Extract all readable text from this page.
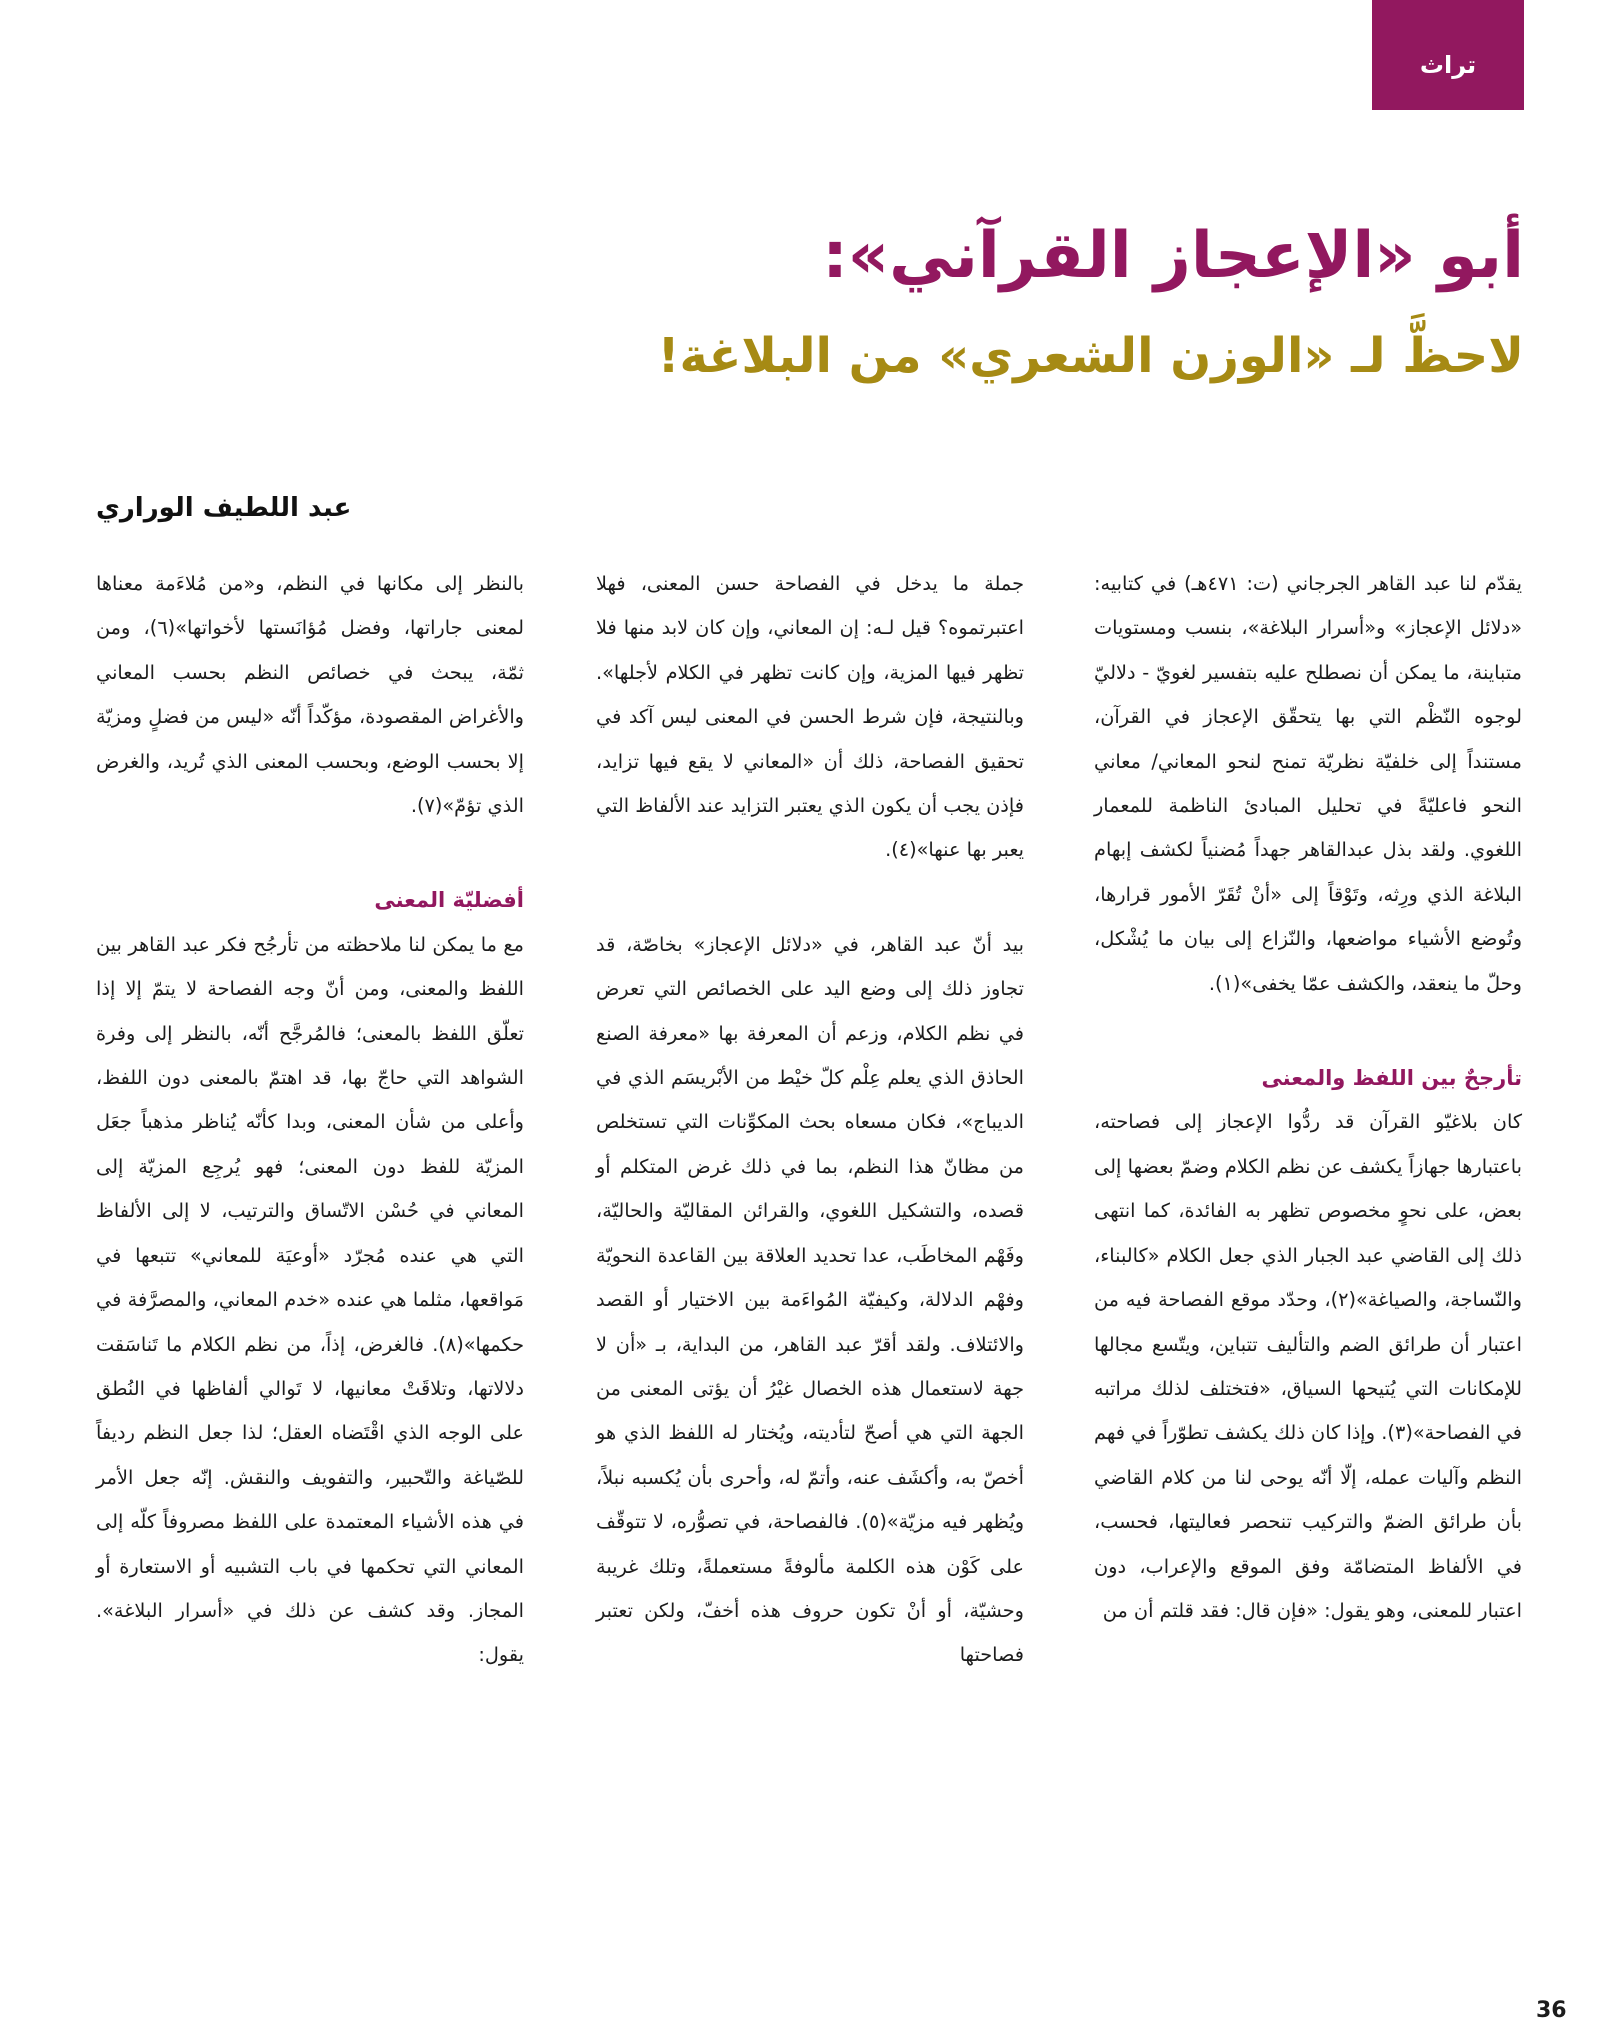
تراث
أبو «الإعجاز القرآني»:
لاحظَّ لـ «الوزن الشعري» من البلاغة!
عبد اللطيف الوراري

يقدّم لنا عبد القاهر الجرجاني (ت: ٤٧١هـ) في كتابيه: «دلائل الإعجاز» و«أسرار البلاغة»، بنسب ومستويات متباينة، ما يمكن أن نصطلح عليه بتفسير لغويّ - دلاليّ لوجوه النّظْم التي بها يتحقّق الإعجاز في القرآن، مستنداً إلى خلفيّة نظريّة تمنح لنحو المعاني/ معاني النحو فاعليّةً في تحليل المبادئ الناظمة للمعمار اللغوي. ولقد بذل عبدالقاهر جهداً مُضنياً لكشف إبهام البلاغة الذي ورِثه، وتَوْقاً إلى «أنْ تُقَرّ الأمور قرارها، وتُوضع الأشياء مواضعها، والنّزاع إلى بيان ما يُشْكل، وحلّ ما ينعقد، والكشف عمّا يخفى»(١).

تأرجحٌ بين اللفظ والمعنى

كان بلاغيّو القرآن قد ردُّوا الإعجاز إلى فصاحته، باعتبارها جهازاً يكشف عن نظم الكلام وضمّ بعضها إلى بعض، على نحوٍ مخصوص تظهر به الفائدة، كما انتهى ذلك إلى القاضي عبد الجبار الذي جعل الكلام «كالبناء، والنّساجة، والصياغة»(٢)، وحدّد موقع الفصاحة فيه من اعتبار أن طرائق الضم والتأليف تتباين، ويتّسع مجالها للإمكانات التي يُتيحها السياق، «فتختلف لذلك مراتبه في الفصاحة»(٣). وإذا كان ذلك يكشف تطوّراً في فهم النظم وآليات عمله، إلّا أنّه يوحى لنا من كلام القاضي بأن طرائق الضمّ والتركيب تنحصر فعاليتها، فحسب، في الألفاظ المتضامّة وفق الموقع والإعراب، دون اعتبار للمعنى، وهو يقول: «فإن قال: فقد قلتم أن من

جملة ما يدخل في الفصاحة حسن المعنى، فهلا اعتبرتموه؟ قيل لـه: إن المعاني، وإن كان لابد منها فلا تظهر فيها المزية، وإن كانت تظهر في الكلام لأجلها». وبالنتيجة، فإن شرط الحسن في المعنى ليس آكد في تحقيق الفصاحة، ذلك أن «المعاني لا يقع فيها تزايد، فإذن يجب أن يكون الذي يعتبر التزايد عند الألفاظ التي يعبر بها عنها»(٤).

بيد أنّ عبد القاهر، في «دلائل الإعجاز» بخاصّة، قد تجاوز ذلك إلى وضع اليد على الخصائص التي تعرض في نظم الكلام، وزعم أن المعرفة بها «معرفة الصنع الحاذق الذي يعلم عِلْم كلّ خيْط من الأبْريسَم الذي في الديباج»، فكان مسعاه بحث المكوِّنات التي تستخلص من مظانّ هذا النظم، بما في ذلك غرض المتكلم أو قصده، والتشكيل اللغوي، والقرائن المقاليّة والحاليّة، وفَهْم المخاطَب، عدا تحديد العلاقة بين القاعدة النحويّة وفهْم الدلالة، وكيفيّة المُواءَمة بين الاختيار أو القصد والائتلاف. ولقد أقرّ عبد القاهر، من البداية، بـ «أن لا جهة لاستعمال هذه الخصال غيْرُ أن يؤتى المعنى من الجهة التي هي أصحّ لتأديته، ويُختار له اللفظ الذي هو أخصّ به، وأكشَف عنه، وأتمّ له، وأحرى بأن يُكسبه نبلاً، ويُظهر فيه مزيّة»(٥). فالفصاحة، في تصوُّره، لا تتوقّف على كَوْن هذه الكلمة مألوفةً مستعملةً، وتلك غريبة وحشيّة، أو أنْ تكون حروف هذه أخفّ، ولكن تعتبر فصاحتها

بالنظر إلى مكانها في النظم، و«من مُلاءَمة معناها لمعنى جاراتها، وفضل مُؤانَستها لأخواتها»(٦)، ومن ثمّة، يبحث في خصائص النظم بحسب المعاني والأغراض المقصودة، مؤكّداً أنّه «ليس من فضلٍ ومزيّة إلا بحسب الوضع، وبحسب المعنى الذي تُريد، والغرض الذي تؤمّ»(٧).

أفضليّة المعنى

مع ما يمكن لنا ملاحظته من تأرجُح فكر عبد القاهر بين اللفظ والمعنى، ومن أنّ وجه الفصاحة لا يتمّ إلا إذا تعلّق اللفظ بالمعنى؛ فالمُرجَّح أنّه، بالنظر إلى وفرة الشواهد التي حاجّ بها، قد اهتمّ بالمعنى دون اللفظ، وأعلى من شأن المعنى، وبدا كأنّه يُناظر مذهباً جعَل المزيّة للفظ دون المعنى؛ فهو يُرجِع المزيّة إلى المعاني في حُسْن الاتّساق والترتيب، لا إلى الألفاظ التي هي عنده مُجرّد «أوعيَة للمعاني» تتبعها في مَواقعها، مثلما هي عنده «خدم المعاني، والمصرَّفة في حكمها»(٨). فالغرض، إذاً، من نظم الكلام ما تَناسَقت دلالاتها، وتلاقَتْ معانيها، لا تَوالي ألفاظها في النُطق على الوجه الذي اقْتَضاه العقل؛ لذا جعل النظم رديفاً للصّياغة والتّحبير، والتفويف والنقش. إنّه جعل الأمر في هذه الأشياء المعتمدة على اللفظ مصروفاً كلّه إلى المعاني التي تحكمها في باب التشبيه أو الاستعارة أو المجاز. وقد كشف عن ذلك في «أسرار البلاغة». يقول:

36
